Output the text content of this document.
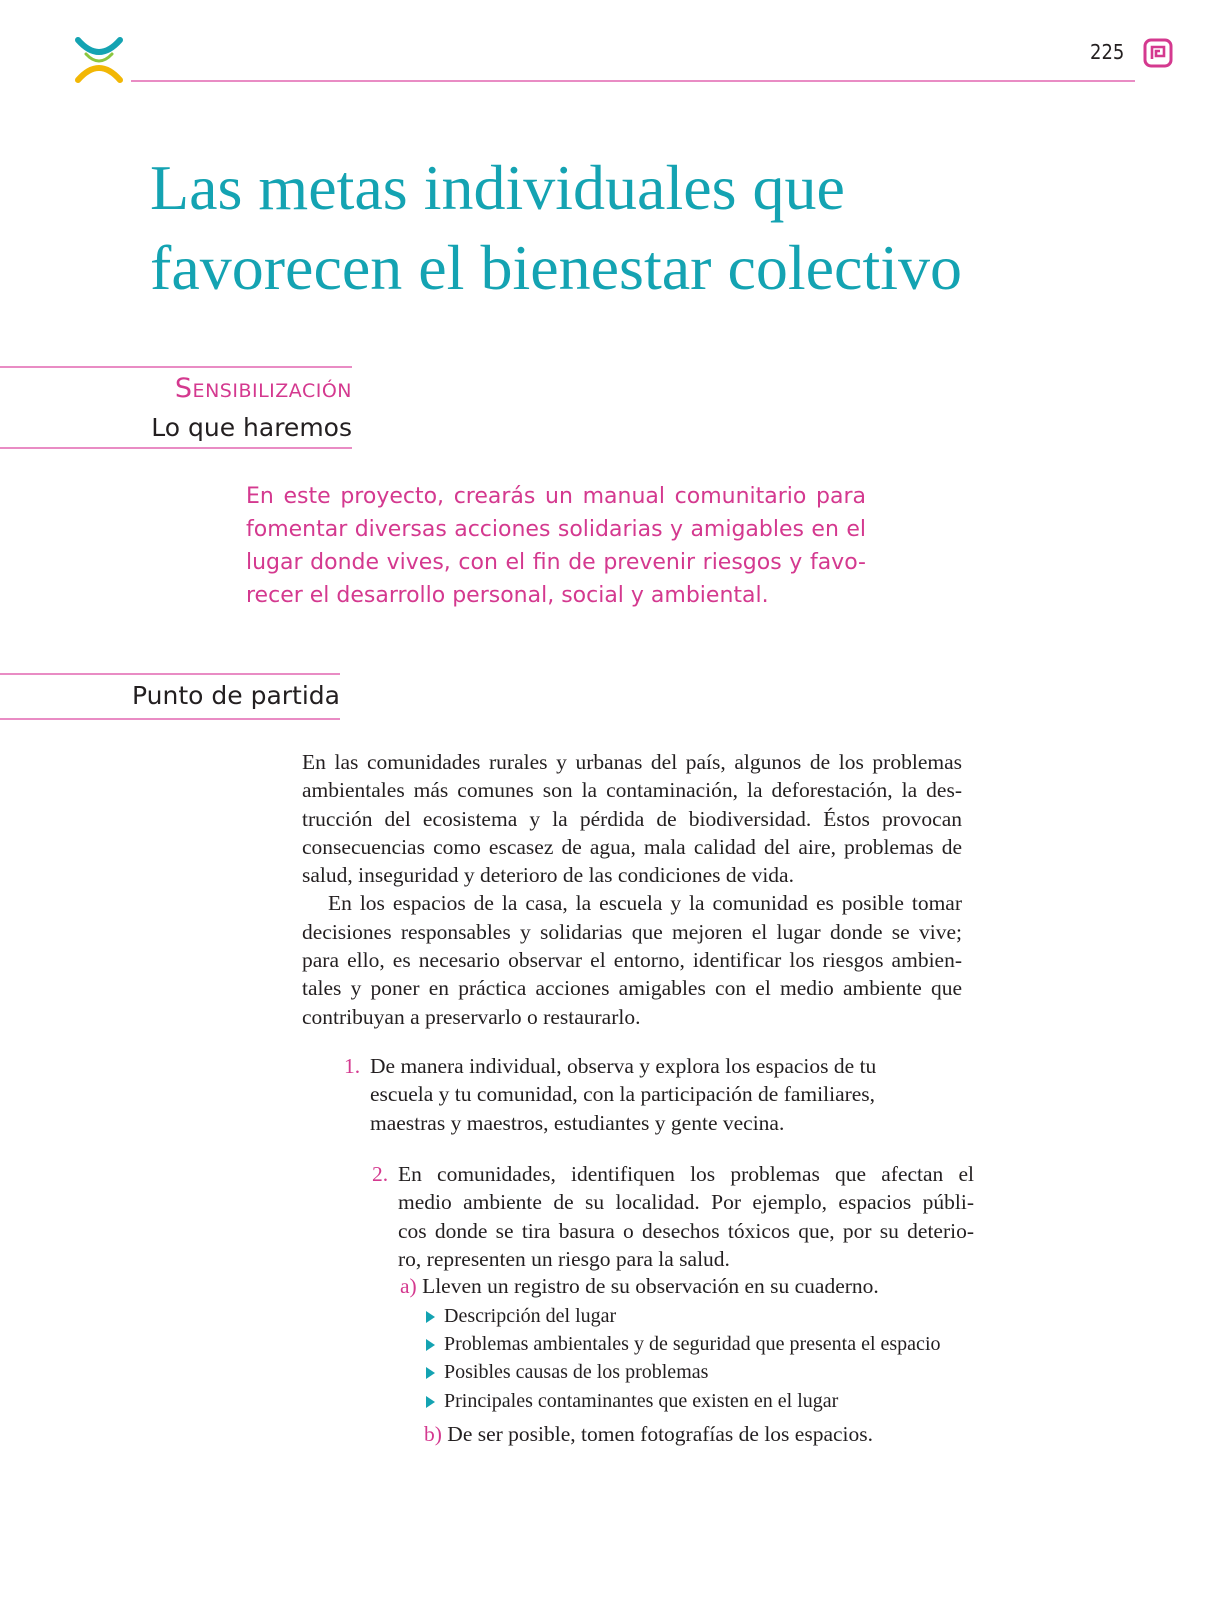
225
Las metas individuales que
favorecen el bienestar colectivo
Sensibilización
Lo que haremos

En este proyecto, crearás un manual comunitario para
fomentar diversas acciones solidarias y amigables en el
lugar donde vives, con el fin de prevenir riesgos y favo-
recer el desarrollo personal, social y ambiental.

Punto de partida
En las comunidades rurales y urbanas del país, algunos de los problemas
ambientales más comunes son la contaminación, la deforestación, la des-
trucción del ecosistema y la pérdida de biodiversidad. Éstos provocan
consecuencias como escasez de agua, mala calidad del aire, problemas de
salud, inseguridad y deterioro de las condiciones de vida.
En los espacios de la casa, la escuela y la comunidad es posible tomar
decisiones responsables y solidarias que mejoren el lugar donde se vive;
para ello, es necesario observar el entorno, identificar los riesgos ambien-
tales y poner en práctica acciones amigables con el medio ambiente que
contribuyan a preservarlo o restaurarlo.
1. De manera individual, observa y explora los espacios de tu
escuela y tu comunidad, con la participación de familiares,
maestras y maestros, estudiantes y gente vecina.
2. En comunidades, identifiquen los problemas que afectan el
medio ambiente de su localidad. Por ejemplo, espacios públi-
cos donde se tira basura o desechos tóxicos que, por su deterio-
ro, representen un riesgo para la salud.
a) Lleven un registro de su observación en su cuaderno.
Descripción del lugar
Problemas ambientales y de seguridad que presenta el espacio
Posibles causas de los problemas
Principales contaminantes que existen en el lugar
b) De ser posible, tomen fotografías de los espacios.
